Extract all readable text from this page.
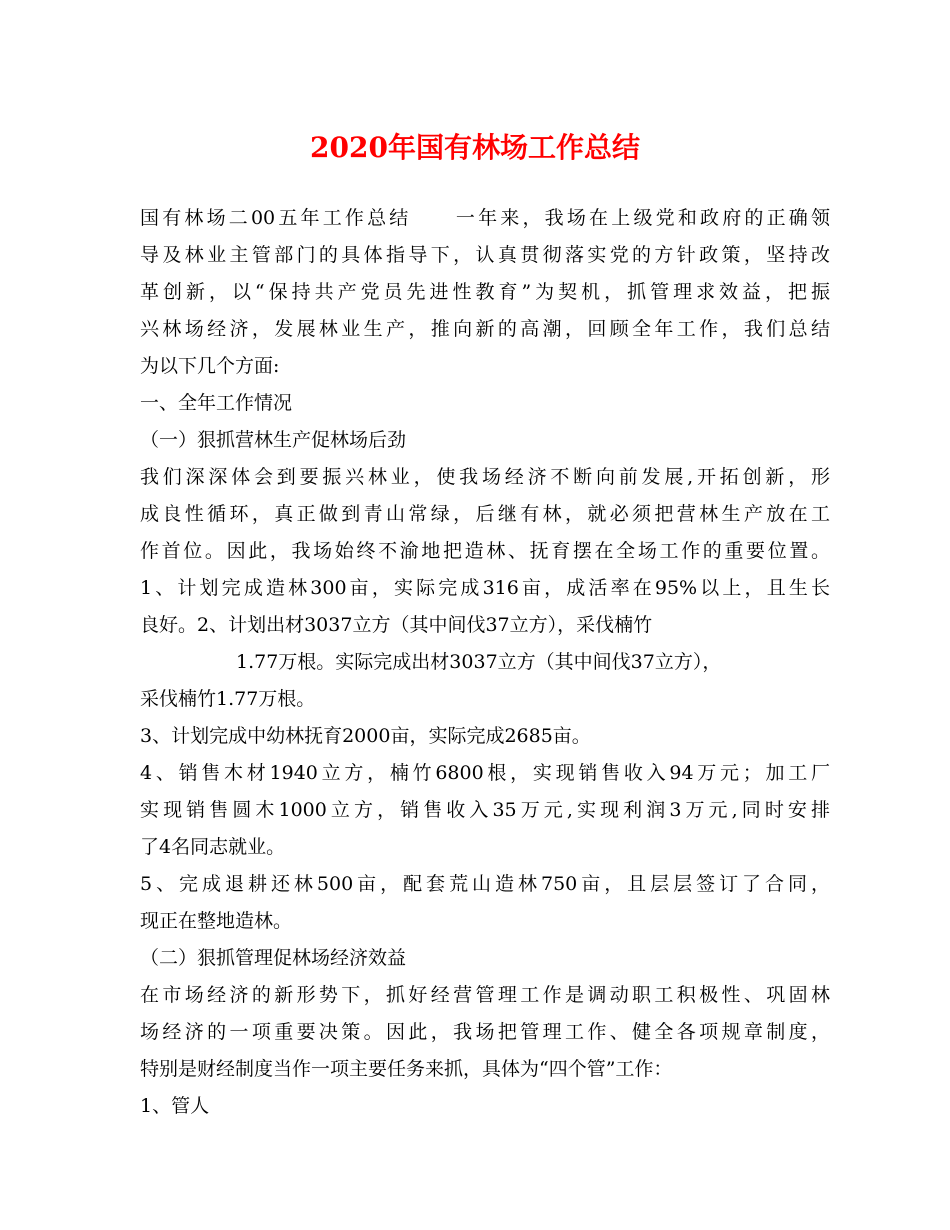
2020年国有林场工作总结
国有林场二00五年工作总结　　一年来，我场在上级党和政府的正确领
导及林业主管部门的具体指导下，认真贯彻落实党的方针政策，坚持改
革创新，以“保持共产党员先进性教育”为契机，抓管理求效益，把振
兴林场经济，发展林业生产，推向新的高潮，回顾全年工作，我们总结
为以下几个方面:
一、全年工作情况
（一）狠抓营林生产促林场后劲
我们深深体会到要振兴林业，使我场经济不断向前发展,开拓创新，形
成良性循环，真正做到青山常绿，后继有林，就必须把营林生产放在工
作首位。因此，我场始终不渝地把造林、抚育摆在全场工作的重要位置。
1、计划完成造林300亩，实际完成316亩，成活率在95%以上，且生长
良好。2、计划出材3037立方（其中间伐37立方），采伐楠竹
1.77万根。实际完成出材3037立方（其中间伐37立方），
采伐楠竹1.77万根。
3、计划完成中幼林抚育2000亩，实际完成2685亩。
4、销售木材1940立方，楠竹6800根，实现销售收入94万元；加工厂
实现销售圆木1000立方，销售收入35万元,实现利润3万元,同时安排
了4名同志就业。
5、完成退耕还林500亩，配套荒山造林750亩，且层层签订了合同，
现正在整地造林。
（二）狠抓管理促林场经济效益
在市场经济的新形势下，抓好经营管理工作是调动职工积极性、巩固林
场经济的一项重要决策。因此，我场把管理工作、健全各项规章制度，
特别是财经制度当作一项主要任务来抓，具体为“四个管”工作：
1、管人
